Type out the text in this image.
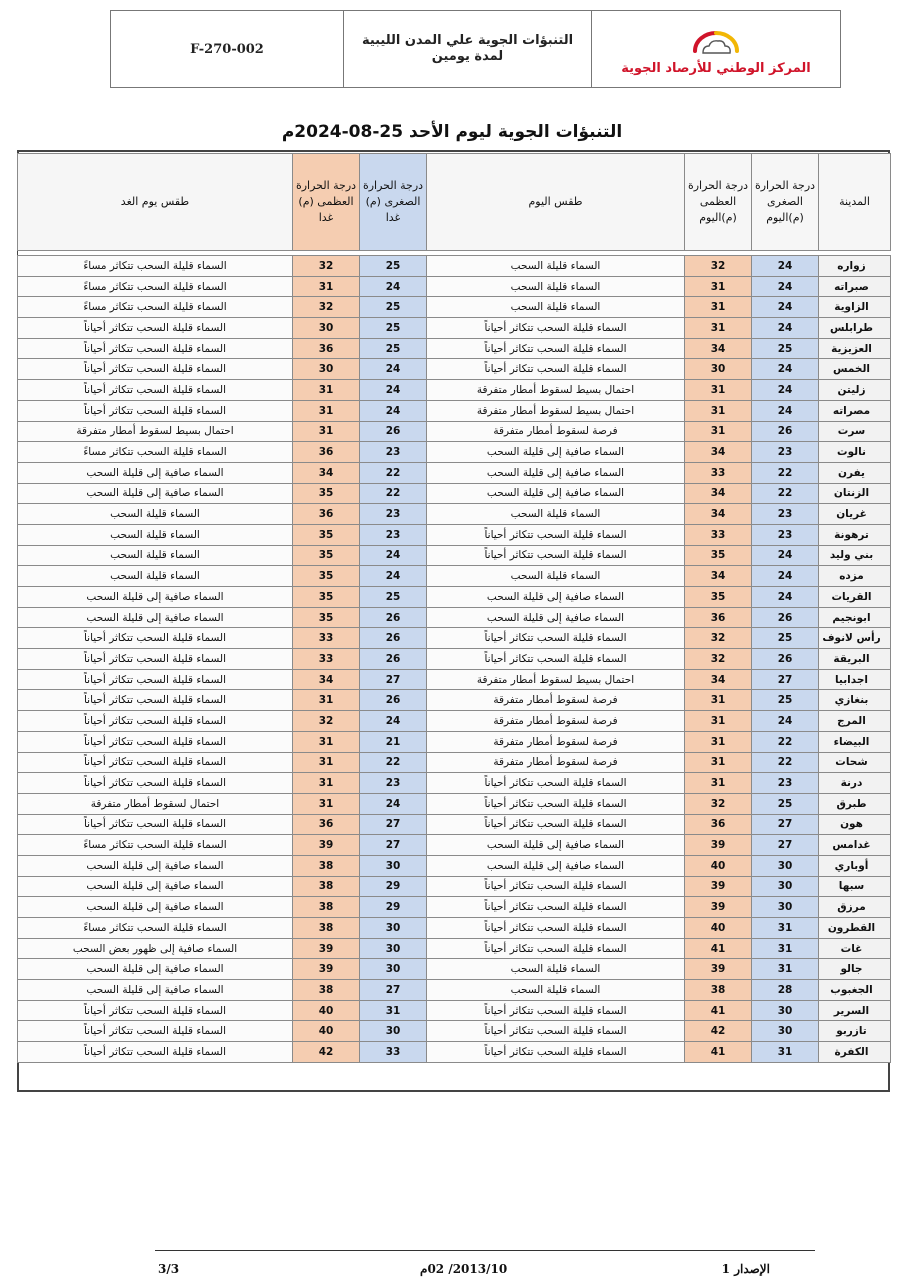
المركز الوطني للأرصاد الجوية

التنبؤات الجوية علي المدن الليبية
لمدة يومين

F-270-002
التنبؤات الجوية ليوم الأحد 25-08-2024م
المدينة	درجة الحرارة الصغرى (م)اليوم	درجة الحرارة العظمى (م)اليوم	طقس اليوم	درجة الحرارة الصغرى (م) غدا	درجة الحرارة العظمى (م) غدا	طقس يوم الغد

زواره	24	32	السماء قليلة السحب	25	32	السماء قليلة السحب تتكاثر مساءً
صبراته	24	31	السماء قليلة السحب	24	31	السماء قليلة السحب تتكاثر مساءً
الزاوية	24	31	السماء قليلة السحب	25	32	السماء قليلة السحب تتكاثر مساءً
طرابلس	24	31	السماء قليلة السحب تتكاثر أحياناً	25	30	السماء قليلة السحب تتكاثر أحياناً
العزيزية	25	34	السماء قليلة السحب تتكاثر أحياناً	25	36	السماء قليلة السحب تتكاثر أحياناً
الخمس	24	30	السماء قليلة السحب تتكاثر أحياناً	24	30	السماء قليلة السحب تتكاثر أحياناً
زليتن	24	31	احتمال بسيط لسقوط أمطار متفرقة	24	31	السماء قليلة السحب تتكاثر أحياناً
مصراته	24	31	احتمال بسيط لسقوط أمطار متفرقة	24	31	السماء قليلة السحب تتكاثر أحياناً
سرت	26	31	فرصة لسقوط أمطار متفرقة	26	31	احتمال بسيط لسقوط أمطار متفرقة
نالوت	23	34	السماء صافية إلى قليلة السحب	23	36	السماء قليلة السحب تتكاثر مساءً
يفرن	22	33	السماء صافية إلى قليلة السحب	22	34	السماء صافية إلى قليلة السحب
الزنتان	22	34	السماء صافية إلى قليلة السحب	22	35	السماء صافية إلى قليلة السحب
غريان	23	34	السماء قليلة السحب	23	36	السماء قليلة السحب
ترهونة	23	33	السماء قليلة السحب تتكاثر أحياناً	23	35	السماء قليلة السحب
بني وليد	24	35	السماء قليلة السحب تتكاثر أحياناً	24	35	السماء قليلة السحب
مزده	24	34	السماء قليلة السحب	24	35	السماء قليلة السحب
القريات	24	35	السماء صافية إلى قليلة السحب	25	35	السماء صافية إلى قليلة السحب
ابونجيم	26	36	السماء صافية إلى قليلة السحب	26	35	السماء صافية إلى قليلة السحب
رأس لانوف	25	32	السماء قليلة السحب تتكاثر أحياناً	26	33	السماء قليلة السحب تتكاثر أحياناً
البريقة	26	32	السماء قليلة السحب تتكاثر أحياناً	26	33	السماء قليلة السحب تتكاثر أحياناً
اجدابيا	27	34	احتمال بسيط لسقوط أمطار متفرقة	27	34	السماء قليلة السحب تتكاثر أحياناً
بنغازي	25	31	فرصة لسقوط أمطار متفرقة	26	31	السماء قليلة السحب تتكاثر أحياناً
المرج	24	31	فرصة لسقوط أمطار متفرقة	24	32	السماء قليلة السحب تتكاثر أحياناً
البيضاء	22	31	فرصة لسقوط أمطار متفرقة	21	31	السماء قليلة السحب تتكاثر أحياناً
شحات	22	31	فرصة لسقوط أمطار متفرقة	22	31	السماء قليلة السحب تتكاثر أحياناً
درنة	23	31	السماء قليلة السحب تتكاثر أحياناً	23	31	السماء قليلة السحب تتكاثر أحياناً
طبرق	25	32	السماء قليلة السحب تتكاثر أحياناً	24	31	احتمال لسقوط أمطار متفرقة
هون	27	36	السماء قليلة السحب تتكاثر أحياناً	27	36	السماء قليلة السحب تتكاثر أحياناً
غدامس	27	39	السماء صافية إلى قليلة السحب	27	39	السماء قليلة السحب تتكاثر مساءً
أوباري	30	40	السماء صافية إلى قليلة السحب	30	38	السماء صافية إلى قليلة السحب
سبها	30	39	السماء قليلة السحب تتكاثر أحياناً	29	38	السماء صافية إلى قليلة السحب
مرزق	30	39	السماء قليلة السحب تتكاثر أحياناً	29	38	السماء صافية إلى قليلة السحب
القطرون	31	40	السماء قليلة السحب تتكاثر أحياناً	30	38	السماء قليلة السحب تتكاثر مساءً
غات	31	41	السماء قليلة السحب تتكاثر أحياناً	30	39	السماء صافية إلى ظهور بعض السحب
جالو	31	39	السماء قليلة السحب	30	39	السماء صافية إلى قليلة السحب
الجغبوب	28	38	السماء قليلة السحب	27	38	السماء صافية إلى قليلة السحب
السرير	30	41	السماء قليلة السحب تتكاثر أحياناً	31	40	السماء قليلة السحب تتكاثر أحياناً
تازربو	30	42	السماء قليلة السحب تتكاثر أحياناً	30	40	السماء قليلة السحب تتكاثر أحياناً
الكفرة	31	41	السماء قليلة السحب تتكاثر أحياناً	33	42	السماء قليلة السحب تتكاثر أحياناً
الإصدار 1
2013/10/ 02م
3/3
